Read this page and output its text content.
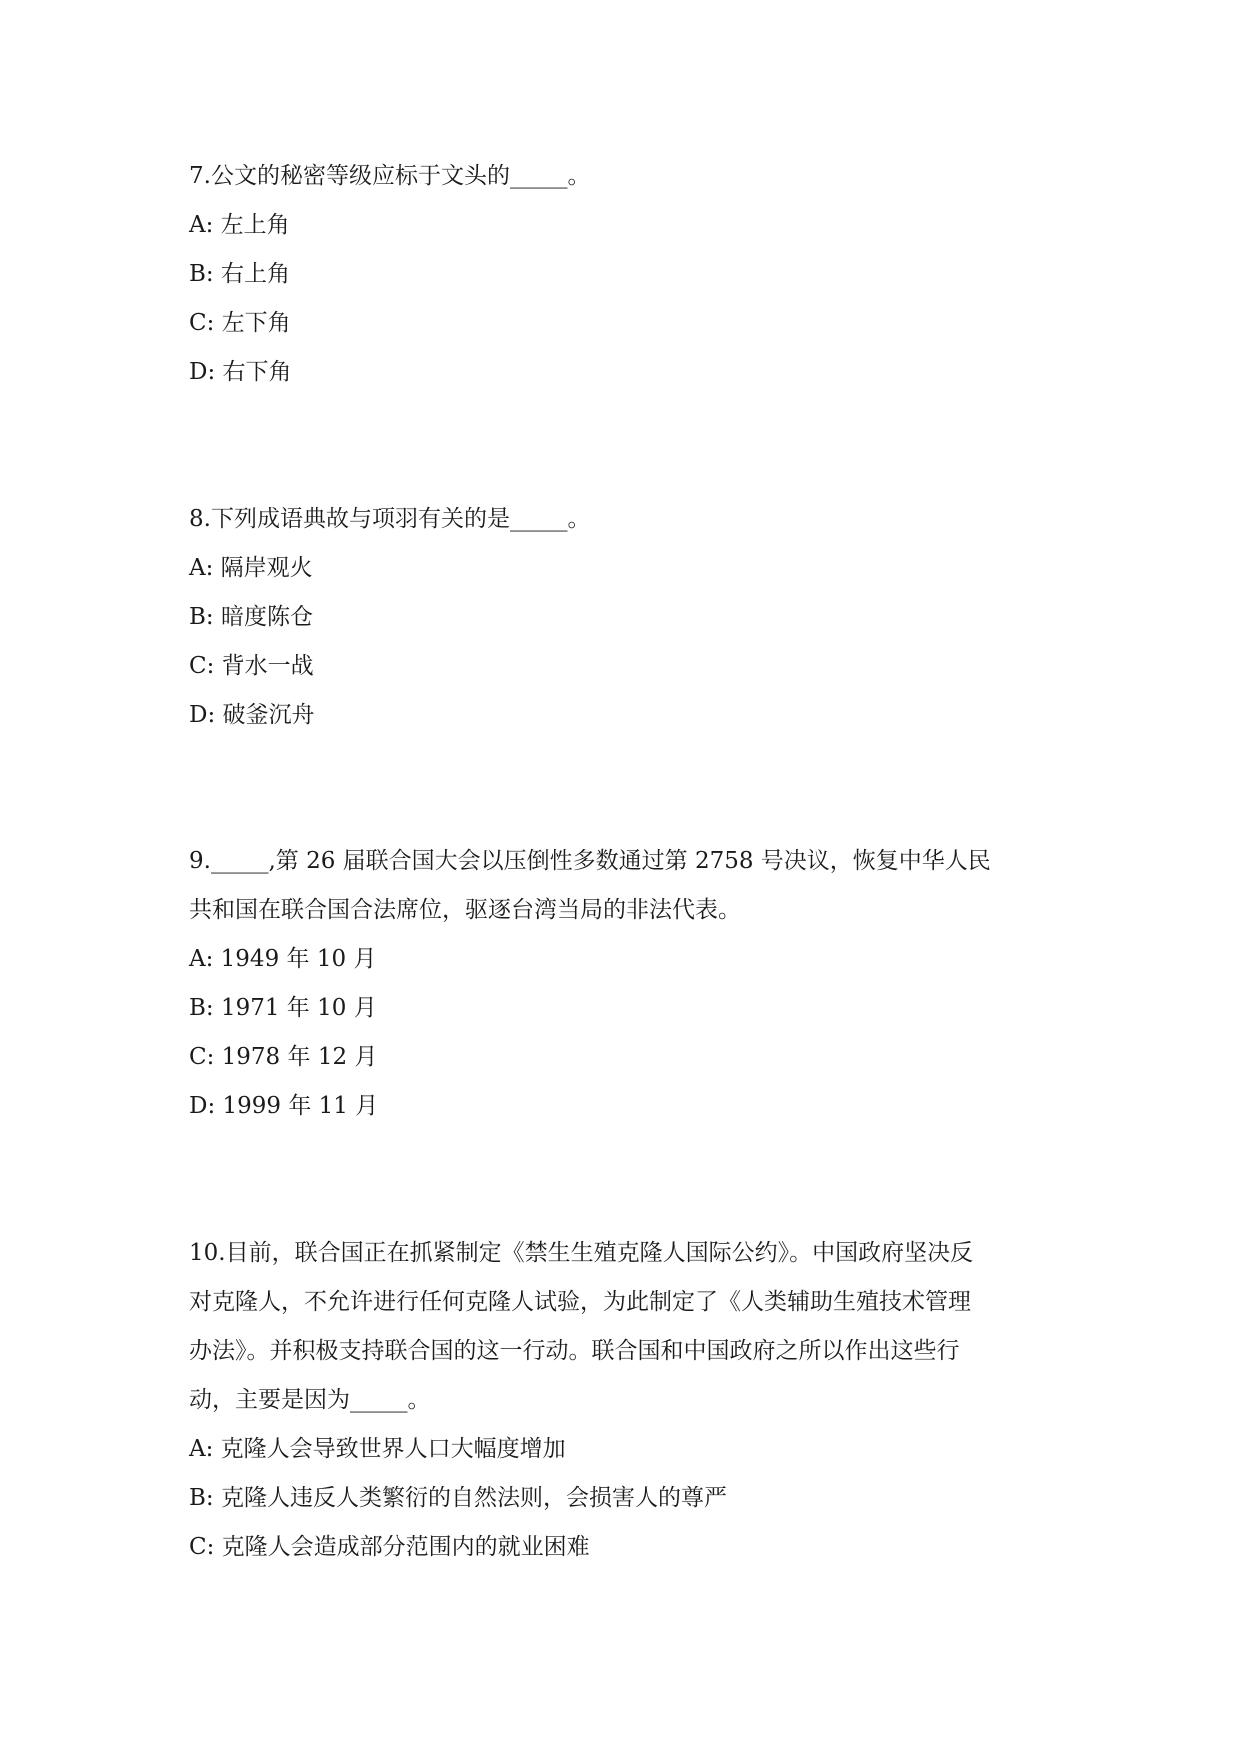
7.公文的秘密等级应标于文头的_____。

A: 左上角

B: 右上角

C: 左下角

D: 右下角

8.下列成语典故与项羽有关的是_____。

A: 隔岸观火

B: 暗度陈仓

C: 背水一战

D: 破釜沉舟

9._____,第 26 届联合国大会以压倒性多数通过第 2758 号决议，恢复中华人民

共和国在联合国合法席位，驱逐台湾当局的非法代表。

A: 1949 年 10 月

B: 1971 年 10 月

C: 1978 年 12 月

D: 1999 年 11 月

10.目前，联合国正在抓紧制定《禁生生殖克隆人国际公约》。中国政府坚决反

对克隆人，不允许进行任何克隆人试验，为此制定了《人类辅助生殖技术管理

办法》。并积极支持联合国的这一行动。联合国和中国政府之所以作出这些行

动，主要是因为_____。

A: 克隆人会导致世界人口大幅度增加

B: 克隆人违反人类繁衍的自然法则，会损害人的尊严

C: 克隆人会造成部分范围内的就业困难
